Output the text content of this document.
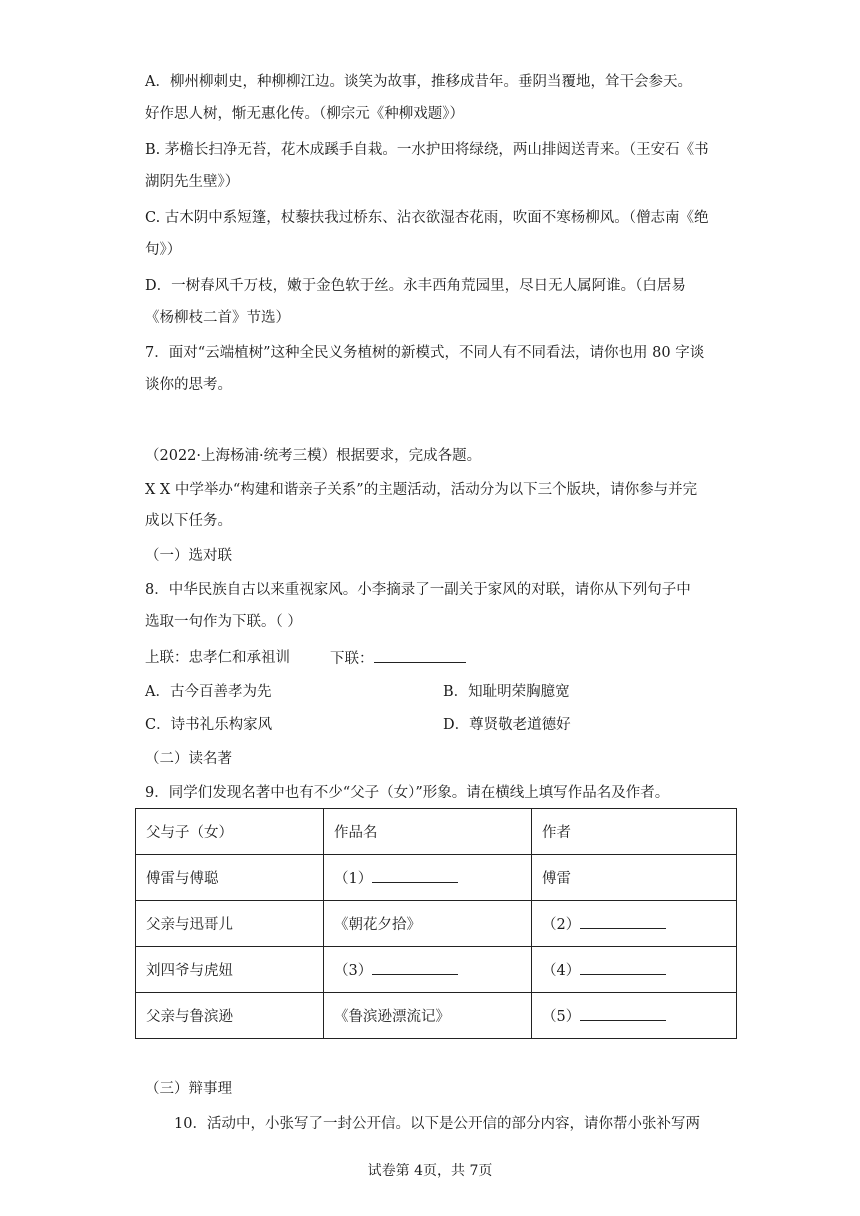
A．柳州柳刺史，种柳柳江边。谈笑为故事，推移成昔年。垂阴当覆地，耸干会参天。
好作思人树，惭无惠化传。（柳宗元《种柳戏题》）
B. 茅檐长扫净无苔，花木成蹊手自栽。一水护田将绿绕，两山排闼送青来。（王安石《书
湖阴先生壁》）
C. 古木阴中系短篷，杖藜扶我过桥东、沾衣欲湿杏花雨，吹面不寒杨柳风。（僧志南《绝
句》）
D．一树春风千万枝，嫩于金色软于丝。永丰西角荒园里，尽日无人属阿谁。（白居易
《杨柳枝二首》节选）
7．面对“云端植树”这种全民义务植树的新模式，不同人有不同看法，请你也用 80 字谈
谈你的思考。
（2022·上海杨浦·统考三模）根据要求，完成各题。
X X 中学举办“构建和谐亲子关系”的主题活动，活动分为以下三个版块，请你参与并完
成以下任务。
（一）选对联
8．中华民族自古以来重视家风。小李摘录了一副关于家风的对联，请你从下列句子中
选取一句作为下联。（ ）
上联：忠孝仁和承祖训	下联：
A．古今百善孝为先	B．知耻明荣胸臆宽
C．诗书礼乐构家风	D．尊贤敬老道德好
（二）读名著
9．同学们发现名著中也有不少“父子（女）”形象。请在横线上填写作品名及作者。
父与子（女）	作品名	作者
傅雷与傅聪	（1）	傅雷
父亲与迅哥儿	《朝花夕拾》	（2）
刘四爷与虎妞	（3）	（4）
父亲与鲁滨逊	《鲁滨逊漂流记》	（5）
（三）辩事理
10．活动中，小张写了一封公开信。以下是公开信的部分内容，请你帮小张补写两
试卷第 4页，共 7页
